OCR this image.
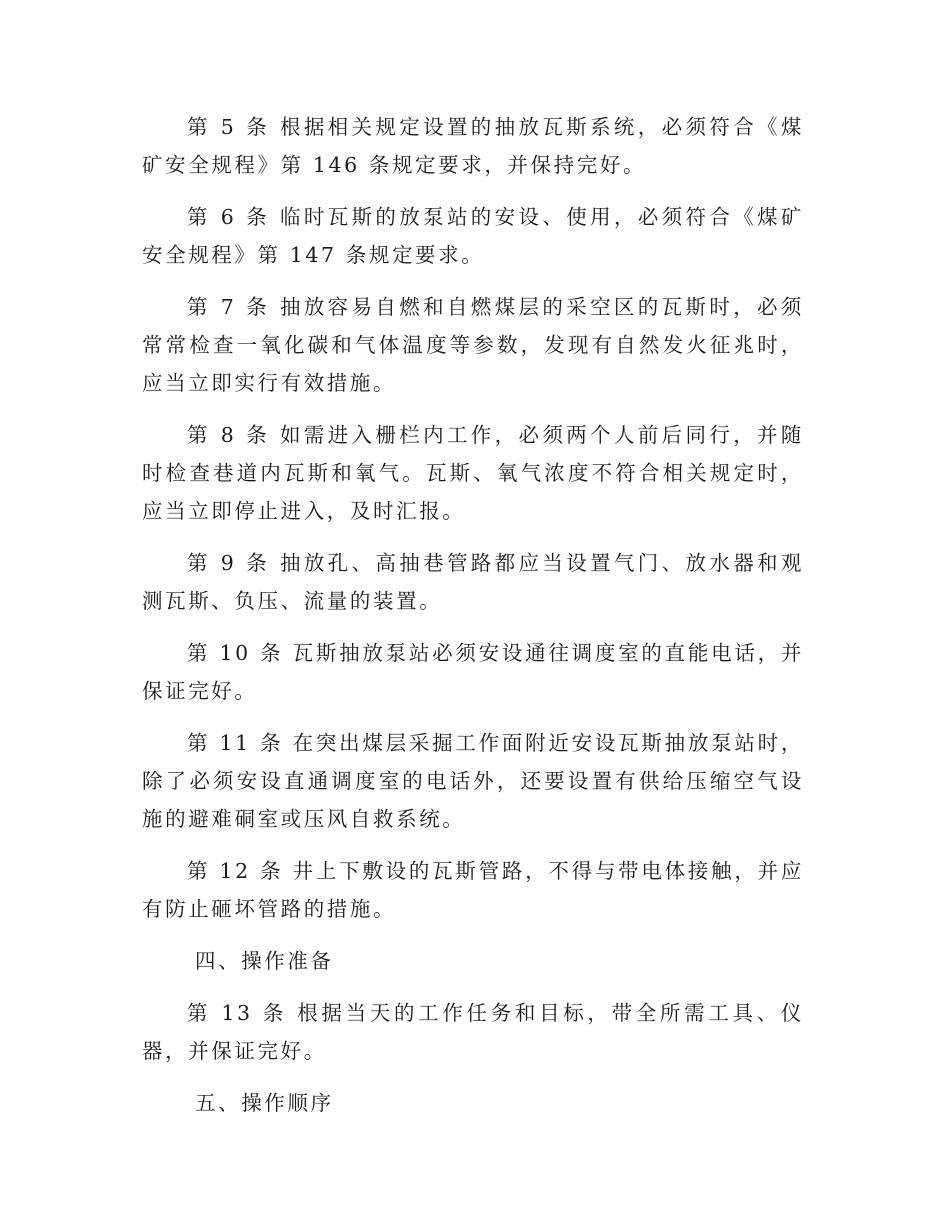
第 5 条 根据相关规定设置的抽放瓦斯系统，必须符合《煤矿安全规程》第 146 条规定要求，并保持完好。

第 6 条 临时瓦斯的放泵站的安设、使用，必须符合《煤矿安全规程》第 147 条规定要求。

第 7 条 抽放容易自燃和自燃煤层的采空区的瓦斯时，必须常常检查一氧化碳和气体温度等参数，发现有自然发火征兆时，应当立即实行有效措施。

第 8 条 如需进入栅栏内工作，必须两个人前后同行，并随时检查巷道内瓦斯和氧气。瓦斯、氧气浓度不符合相关规定时，应当立即停止进入，及时汇报。

第 9 条 抽放孔、高抽巷管路都应当设置气门、放水器和观测瓦斯、负压、流量的装置。

第 10 条 瓦斯抽放泵站必须安设通往调度室的直能电话，并保证完好。

第 11 条 在突出煤层采掘工作面附近安设瓦斯抽放泵站时，除了必须安设直通调度室的电话外，还要设置有供给压缩空气设施的避难硐室或压风自救系统。

第 12 条 井上下敷设的瓦斯管路，不得与带电体接触，并应有防止砸坏管路的措施。

四、操作准备

第 13 条 根据当天的工作任务和目标，带全所需工具、仪器，并保证完好。

五、操作顺序
